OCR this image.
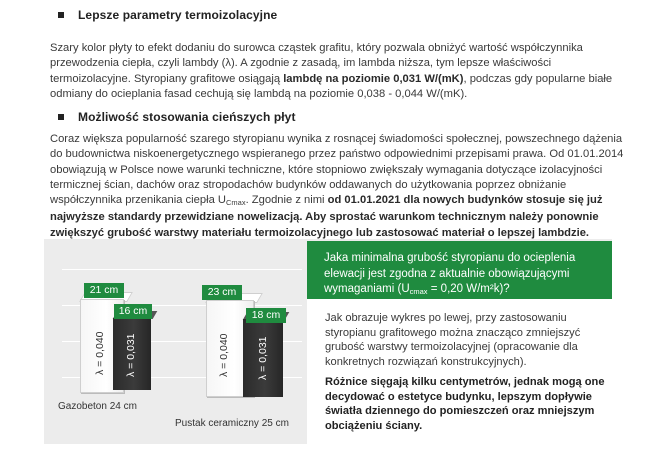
Lepsze parametry termoizolacyjne
Szary kolor płyty to efekt dodaniu do surowca cząstek grafitu, który pozwala obniżyć wartość współczynnika
przewodzenia ciepła, czyli lambdy (λ). A zgodnie z zasadą, im lambda niższa, tym lepsze właściwości
termoizolacyjne. Styropiany grafitowe osiągają lambdę na poziomie 0,031 W/(mK), podczas gdy popularne białe
odmiany do ocieplania fasad cechują się lambdą na poziomie 0,038 - 0,044 W/(mK).
Możliwość stosowania cieńszych płyt
Coraz większa popularność szarego styropianu wynika z rosnącej świadomości społecznej, powszechnego dążenia
do budownictwa niskoenergetycznego wspieranego przez państwo odpowiednimi przepisami prawa. Od 01.01.2014
obowiązują w Polsce nowe warunki techniczne, które stopniowo zwiększały wymagania dotyczące izolacyjności
termicznej ścian, dachów oraz stropodachów budynków oddawanych do użytkowania poprzez obniżanie
współczynnika przenikania ciepła $U_{Cmax}$. Zgodnie z nimi od 01.01.2021 dla nowych budynków stosuje się już
najwyższe standardy przewidziane nowelizacją. Aby sprostać warunkom technicznym należy ponownie
zwiększyć grubość warstwy materiału termoizolacyjnego lub zastosować materiał o lepszej lambdzie.
21 cm
λ = 0,040
16 cm
λ = 0,031
Gazobeton 24 cm
23 cm
λ = 0,040
18 cm
λ = 0,031
Pustak ceramiczny 25 cm
Jaka minimalna grubość styropianu do ocieplenia
elewacji jest zgodna z aktualnie obowiązującymi
wymaganiami ($U_{cmax} = 0,20$ W/m²k)?
Jak obrazuje wykres po lewej, przy zastosowaniu
styropianu grafitowego można znacząco zmniejszyć
grubość warstwy termoizolacyjnej (opracowanie dla
konkretnych rozwiązań konstrukcyjnych).
Różnice sięgają kilku centymetrów, jednak mogą one
decydować o estetyce budynku, lepszym dopływie
światła dziennego do pomieszczeń oraz mniejszym
obciążeniu ściany.
